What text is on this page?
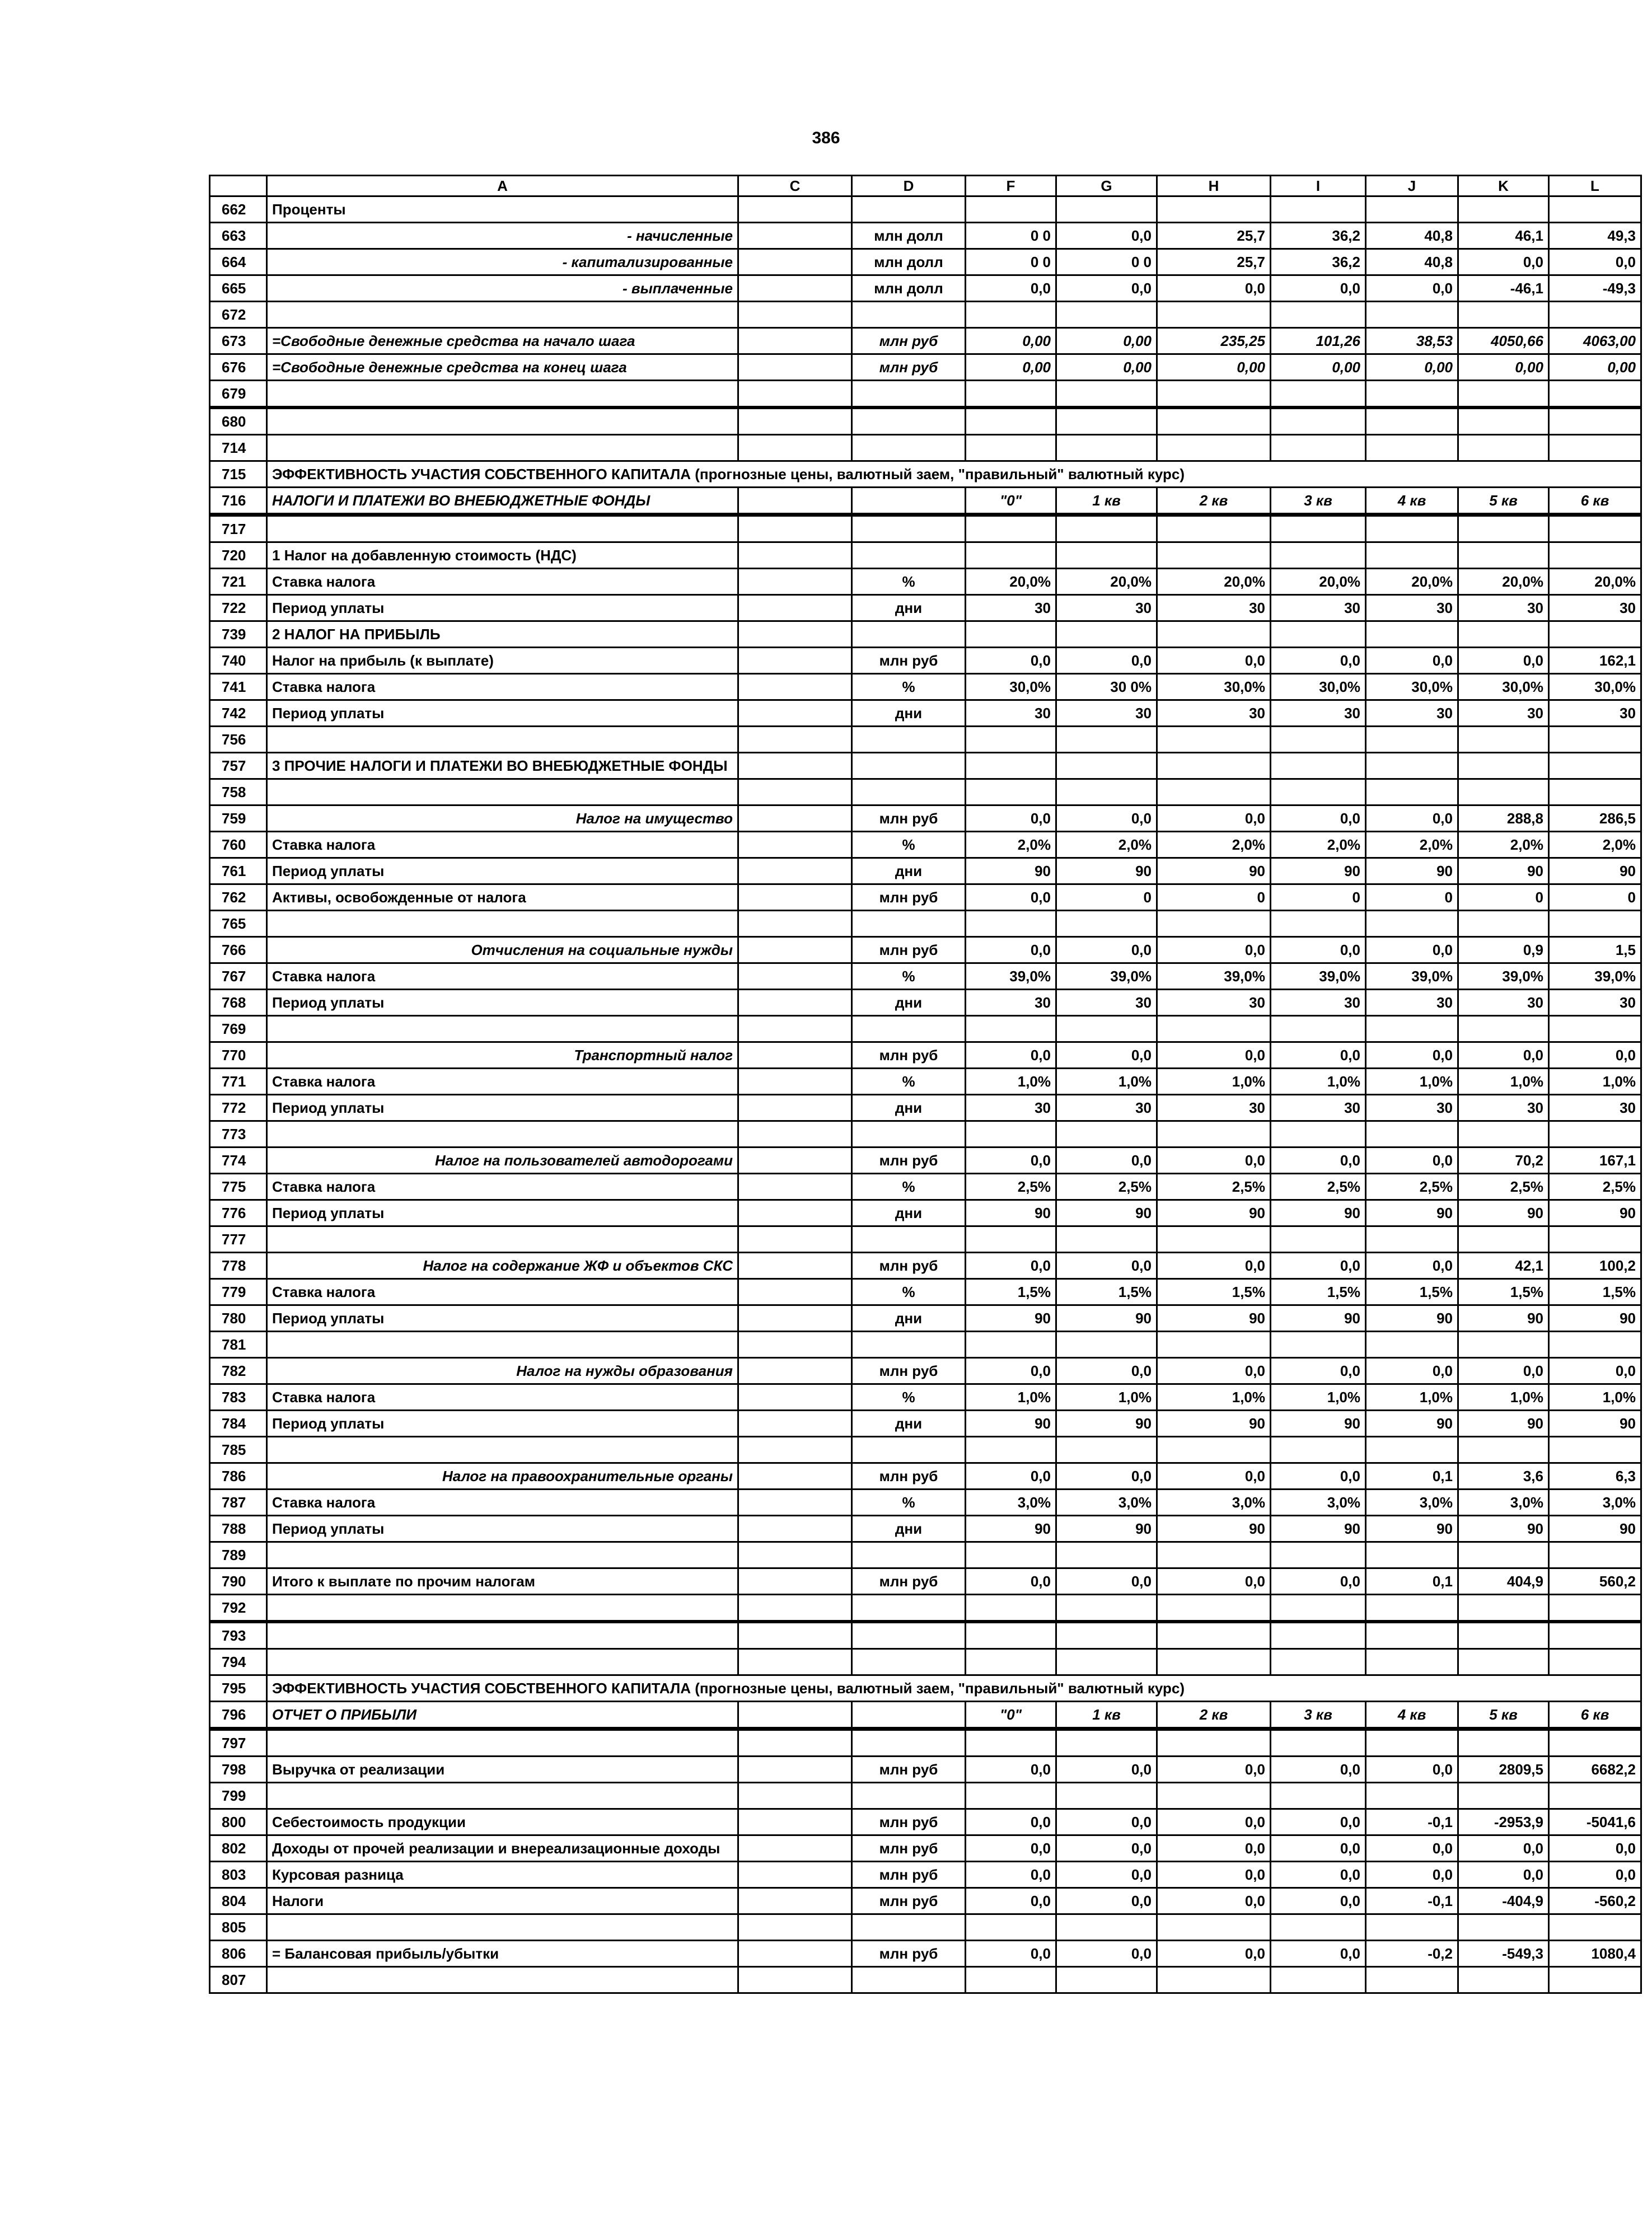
386
	A	C	D	F	G	H	I	J	K	L
662	Проценты									
663	- начисленные		млн долл	0 0	0,0	25,7	36,2	40,8	46,1	49,3
664	- капитализированные		млн долл	0 0	0 0	25,7	36,2	40,8	0,0	0,0
665	- выплаченные		млн долл	0,0	0,0	0,0	0,0	0,0	-46,1	-49,3
672										
673	=Свободные денежные средства на начало шага		млн руб	0,00	0,00	235,25	101,26	38,53	4050,66	4063,00
676	=Свободные денежные средства на конец шага		млн руб	0,00	0,00	0,00	0,00	0,00	0,00	0,00
679										
680										
714										
715	ЭФФЕКТИВНОСТЬ УЧАСТИЯ СОБСТВЕННОГО КАПИТАЛА (прогнозные цены, валютный заем, "правильный" валютный курс)									
716	НАЛОГИ И ПЛАТЕЖИ ВО ВНЕБЮДЖЕТНЫЕ ФОНДЫ			"0"	1 кв	2 кв	3 кв	4 кв	5 кв	6 кв
717										
720	1 Налог на добавленную стоимость (НДС)									
721	Ставка налога		%	20,0%	20,0%	20,0%	20,0%	20,0%	20,0%	20,0%
722	Период уплаты		дни	30	30	30	30	30	30	30
739	2 НАЛОГ НА ПРИБЫЛЬ									
740	Налог на прибыль (к выплате)		млн руб	0,0	0,0	0,0	0,0	0,0	0,0	162,1
741	Ставка налога		%	30,0%	30 0%	30,0%	30,0%	30,0%	30,0%	30,0%
742	Период уплаты		дни	30	30	30	30	30	30	30
756										
757	3 ПРОЧИЕ НАЛОГИ И ПЛАТЕЖИ ВО ВНЕБЮДЖЕТНЫЕ ФОНДЫ									
758										
759	Налог на имущество		млн руб	0,0	0,0	0,0	0,0	0,0	288,8	286,5
760	Ставка налога		%	2,0%	2,0%	2,0%	2,0%	2,0%	2,0%	2,0%
761	Период уплаты		дни	90	90	90	90	90	90	90
762	Активы, освобожденные от налога		млн руб	0,0	0	0	0	0	0	0
765										
766	Отчисления на социальные нужды		млн руб	0,0	0,0	0,0	0,0	0,0	0,9	1,5
767	Ставка налога		%	39,0%	39,0%	39,0%	39,0%	39,0%	39,0%	39,0%
768	Период уплаты		дни	30	30	30	30	30	30	30
769										
770	Транспортный налог		млн руб	0,0	0,0	0,0	0,0	0,0	0,0	0,0
771	Ставка налога		%	1,0%	1,0%	1,0%	1,0%	1,0%	1,0%	1,0%
772	Период уплаты		дни	30	30	30	30	30	30	30
773										
774	Налог на пользователей автодорогами		млн руб	0,0	0,0	0,0	0,0	0,0	70,2	167,1
775	Ставка налога		%	2,5%	2,5%	2,5%	2,5%	2,5%	2,5%	2,5%
776	Период уплаты		дни	90	90	90	90	90	90	90
777										
778	Налог на содержание ЖФ и объектов СКС		млн руб	0,0	0,0	0,0	0,0	0,0	42,1	100,2
779	Ставка налога		%	1,5%	1,5%	1,5%	1,5%	1,5%	1,5%	1,5%
780	Период уплаты		дни	90	90	90	90	90	90	90
781										
782	Налог на нужды образования		млн руб	0,0	0,0	0,0	0,0	0,0	0,0	0,0
783	Ставка налога		%	1,0%	1,0%	1,0%	1,0%	1,0%	1,0%	1,0%
784	Период уплаты		дни	90	90	90	90	90	90	90
785										
786	Налог на правоохранительные органы		млн руб	0,0	0,0	0,0	0,0	0,1	3,6	6,3
787	Ставка налога		%	3,0%	3,0%	3,0%	3,0%	3,0%	3,0%	3,0%
788	Период уплаты		дни	90	90	90	90	90	90	90
789										
790	Итого к выплате по прочим налогам		млн руб	0,0	0,0	0,0	0,0	0,1	404,9	560,2
792										
793										
794										
795	ЭФФЕКТИВНОСТЬ УЧАСТИЯ СОБСТВЕННОГО КАПИТАЛА (прогнозные цены, валютный заем, "правильный" валютный курс)									
796	ОТЧЕТ О ПРИБЫЛИ			"0"	1 кв	2 кв	3 кв	4 кв	5 кв	6 кв
797										
798	Выручка от реализации		млн руб	0,0	0,0	0,0	0,0	0,0	2809,5	6682,2
799										
800	Себестоимость продукции		млн руб	0,0	0,0	0,0	0,0	-0,1	-2953,9	-5041,6
802	Доходы от прочей реализации и внереализационные доходы		млн руб	0,0	0,0	0,0	0,0	0,0	0,0	0,0
803	Курсовая разница		млн руб	0,0	0,0	0,0	0,0	0,0	0,0	0,0
804	Налоги		млн руб	0,0	0,0	0,0	0,0	-0,1	-404,9	-560,2
805										
806	= Балансовая прибыль/убытки		млн руб	0,0	0,0	0,0	0,0	-0,2	-549,3	1080,4
807										
